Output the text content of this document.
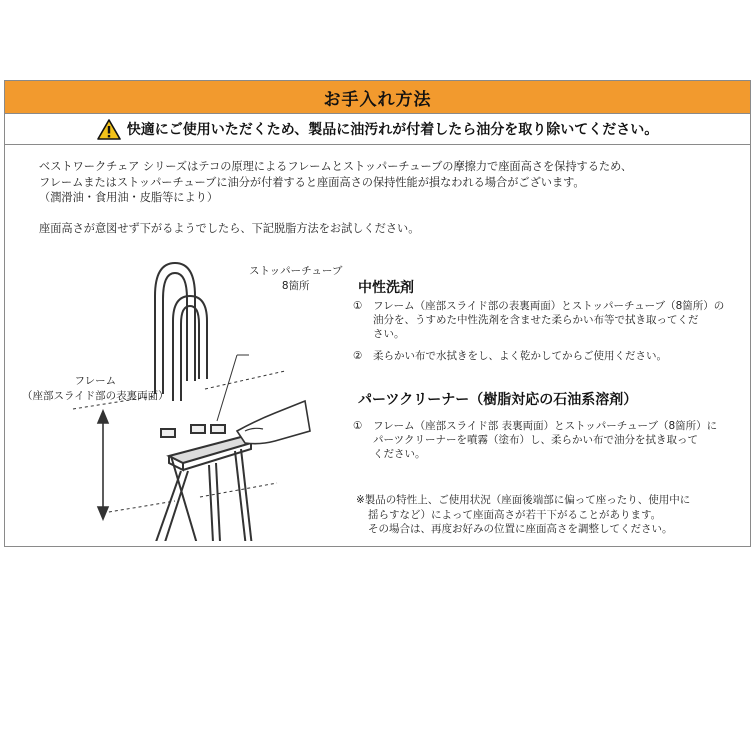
お手入れ方法
快適にご使用いただくため、製品に油汚れが付着したら油分を取り除いてください。
ベストワークチェア シリーズはテコの原理によるフレームとストッパーチューブの摩擦力で座面高さを保持するため、
フレームまたはストッパーチューブに油分が付着すると座面高さの保持性能が損なわれる場合がございます。
（潤滑油・食用油・皮脂等により）
座面高さが意図せず下がるようでしたら、下記脱脂方法をお試しください。
ストッパーチューブ
8箇所
フレーム
（座部スライド部の表裏両面）
中性洗剤
① フレーム（座部スライド部の表裏両面）とストッパーチューブ（8箇所）の
油分を、うすめた中性洗剤を含ませた柔らかい布等で拭き取ってくだ
さい。
② 柔らかい布で水拭きをし、よく乾かしてからご使用ください。
パーツクリーナー（樹脂対応の石油系溶剤）
① フレーム（座部スライド部 表裏両面）とストッパーチューブ（8箇所）に
パーツクリーナーを噴霧（塗布）し、柔らかい布で油分を拭き取って
ください。
※製品の特性上、ご使用状況（座面後端部に偏って座ったり、使用中に
揺らすなど）によって座面高さが若干下がることがあります。
その場合は、再度お好みの位置に座面高さを調整してください。
